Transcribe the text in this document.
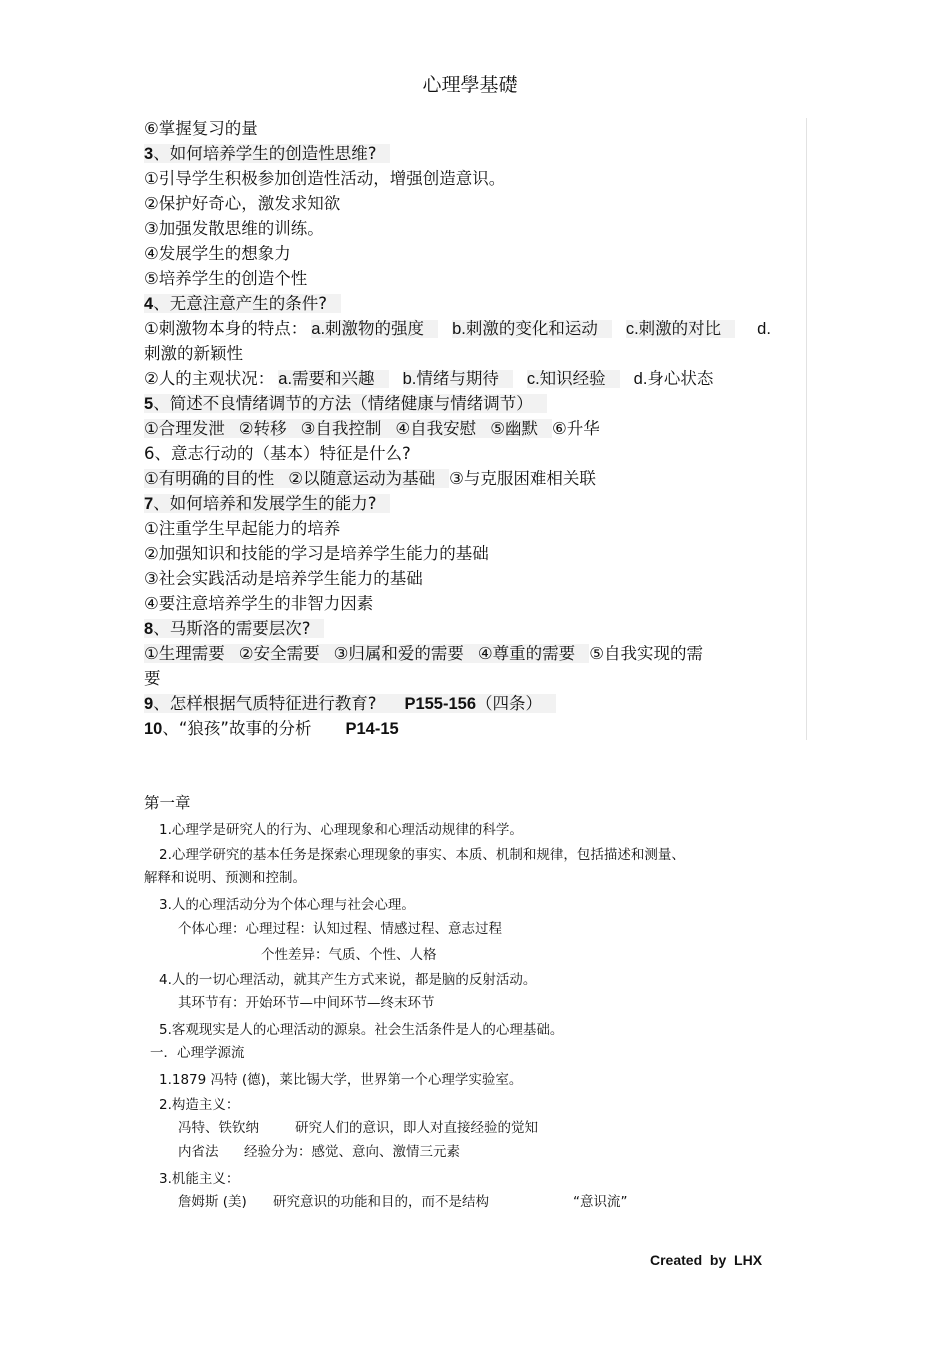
心理學基礎
⑥掌握复习的量
3、如何培养学生的创造性思维?
①引导学生积极参加创造性活动，增强创造意识。
②保护好奇心，激发求知欲
③加强发散思维的训练。
④发展学生的想象力
⑤培养学生的创造个性
4、无意注意产生的条件?
①刺激物本身的特点： a.刺激物的强度 b.刺激的变化和运动 c.刺激的对比 d.
刺激的新颖性
②人的主观状况： a.需要和兴趣 b.情绪与期待 c.知识经验 d.身心状态
5、简述不良情绪调节的方法（情绪健康与情绪调节）
①合理发泄 ②转移 ③自我控制 ④自我安慰 ⑤幽默 ⑥升华
6、意志行动的（基本）特征是什么?
①有明确的目的性 ②以随意运动为基础 ③与克服困难相关联
7、如何培养和发展学生的能力?
①注重学生早起能力的培养
②加强知识和技能的学习是培养学生能力的基础
③社会实践活动是培养学生能力的基础
④要注意培养学生的非智力因素
8、马斯洛的需要层次?
①生理需要 ②安全需要 ③归属和爱的需要 ④尊重的需要 ⑤自我实现的需
要
9、怎样根据气质特征进行教育? P155-156（四条）
10、“狼孩”故事的分析 P14-15
第一章
1.心理学是研究人的行为、心理现象和心理活动规律的科学。
2.心理学研究的基本任务是探索心理现象的事实、本质、机制和规律，包括描述和测量、
解释和说明、预测和控制。
3.人的心理活动分为个体心理与社会心理。
个体心理：心理过程：认知过程、情感过程、意志过程
个性差异：气质、个性、人格
4.人的一切心理活动，就其产生方式来说，都是脑的反射活动。
其环节有：开始环节—中间环节—终末环节
5.客观现实是人的心理活动的源泉。社会生活条件是人的心理基础。
一．心理学源流
1.1879 冯特 (德)，莱比锡大学，世界第一个心理学实验室。
2.构造主义：
冯特、铁钦纳	研究人们的意识，即人对直接经验的觉知
内省法 经验分为：感觉、意向、激情三元素
3.机能主义：
詹姆斯 (美) 研究意识的功能和目的，而不是结构	“意识流”
Created  by  LHX
